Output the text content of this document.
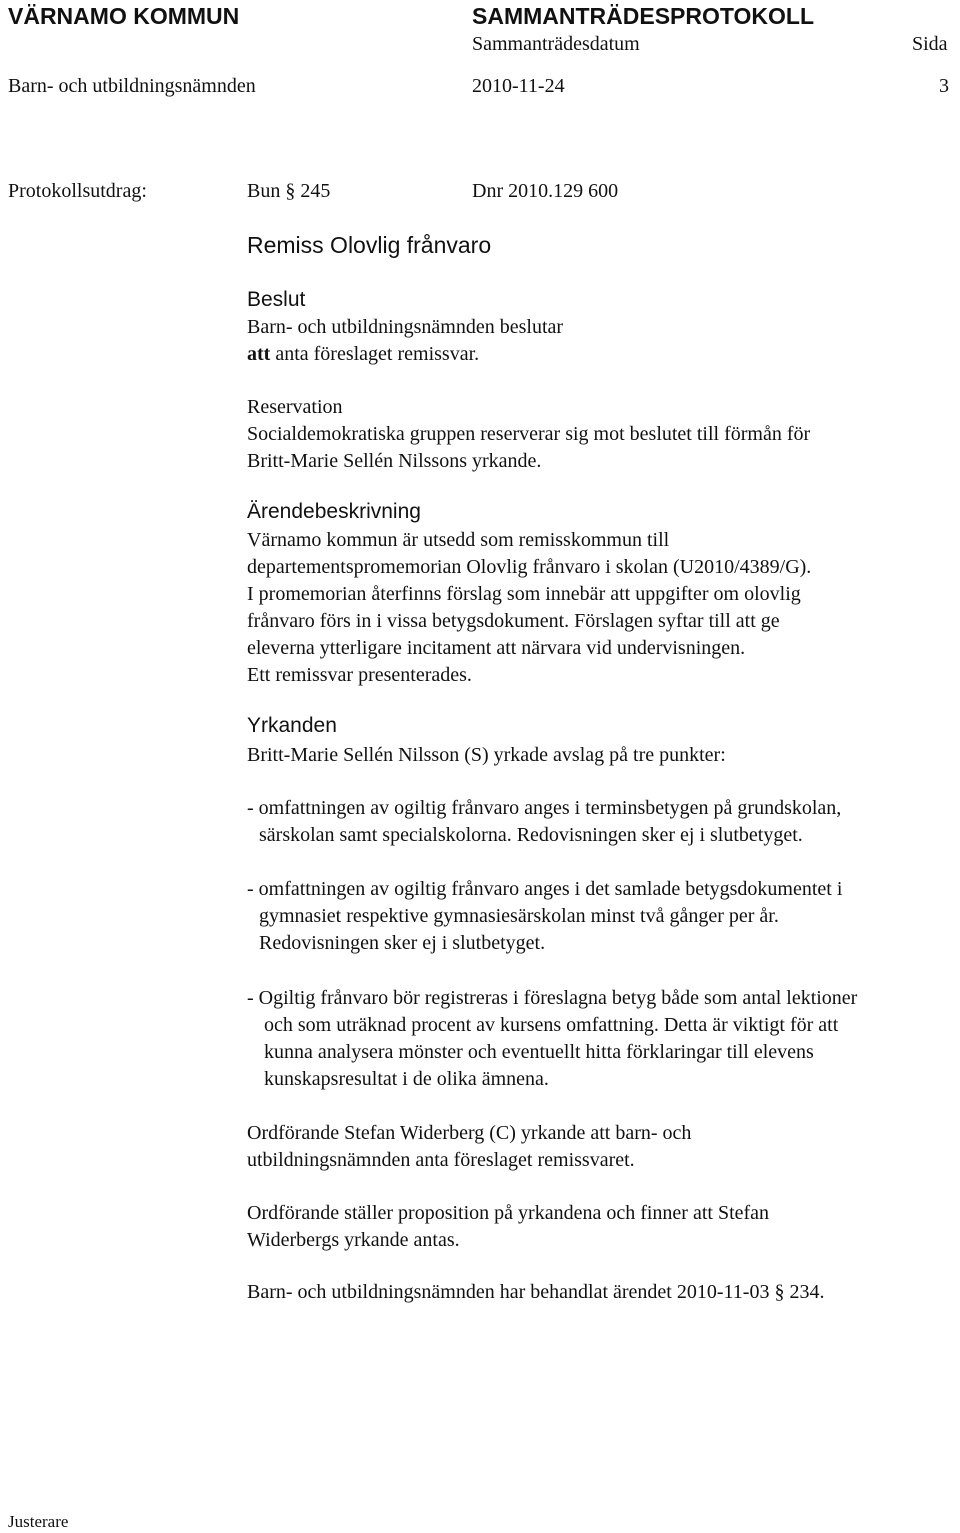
VÄRNAMO KOMMUN	SAMMANTRÄDESPROTOKOLL
Sammanträdesdatum	Sida
Barn- och utbildningsnämnden	2010-11-24	3
Protokollsutdrag:	Bun § 245	Dnr 2010.129 600
Remiss Olovlig frånvaro
Beslut
Barn- och utbildningsnämnden beslutar
att anta föreslaget remissvar.
Reservation
Socialdemokratiska gruppen reserverar sig mot beslutet till förmån för
Britt-Marie Sellén Nilssons yrkande.
Ärendebeskrivning
Värnamo kommun är utsedd som remisskommun till
departementspromemorian Olovlig frånvaro i skolan (U2010/4389/G).
I promemorian återfinns förslag som innebär att uppgifter om olovlig
frånvaro förs in i vissa betygsdokument. Förslagen syftar till att ge
eleverna ytterligare incitament att närvara vid undervisningen.
Ett remissvar presenterades.
Yrkanden
Britt-Marie Sellén Nilsson (S) yrkade avslag på tre punkter:
- omfattningen av ogiltig frånvaro anges i terminsbetygen på grundskolan,
särskolan samt specialskolorna. Redovisningen sker ej i slutbetyget.
- omfattningen av ogiltig frånvaro anges i det samlade betygsdokumentet i
gymnasiet respektive gymnasiesärskolan minst två gånger per år.
Redovisningen sker ej i slutbetyget.
- Ogiltig frånvaro bör registreras i föreslagna betyg både som antal lektioner
och som uträknad procent av kursens omfattning. Detta är viktigt för att
kunna analysera mönster och eventuellt hitta förklaringar till elevens
kunskapsresultat i de olika ämnena.
Ordförande Stefan Widerberg (C) yrkande att barn- och
utbildningsnämnden anta föreslaget remissvaret.
Ordförande ställer proposition på yrkandena och finner att Stefan
Widerbergs yrkande antas.
Barn- och utbildningsnämnden har behandlat ärendet 2010-11-03 § 234.
Justerare
